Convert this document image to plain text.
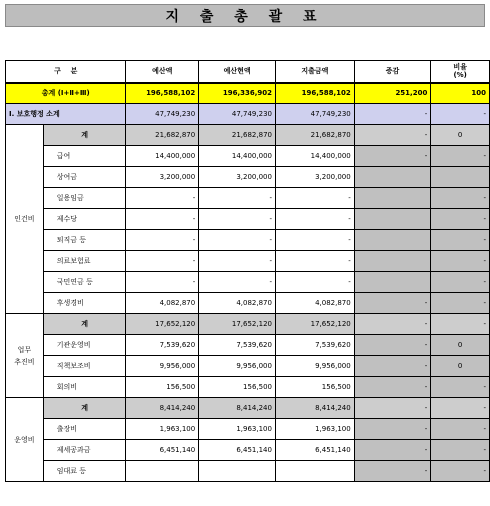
지 출 총 괄 표
구    분		예산액	예산현액	지출금액	증감	비율
(%)
총계 (Ⅰ+Ⅱ+Ⅲ)		196,588,102	196,336,902	196,588,102	251,200	100
Ⅰ. 보호행정 소계		47,749,230	47,749,230	47,749,230	-	-
인건비	계	21,682,870	21,682,870	21,682,870	-	0
	급여	14,400,000	14,400,000	14,400,000	-	-
	상여금	3,200,000	3,200,000	3,200,000		
	일용임금	-	-	-		-
	제수당	-	-	-		-
	퇴직금 등	-	-	-		-
	의료보험료	-	-	-		-
	국민연금 등	-	-	-		-
	후생경비	4,082,870	4,082,870	4,082,870	-	-
업무
추진비	계	17,652,120	17,652,120	17,652,120	-	-
	기관운영비	7,539,620	7,539,620	7,539,620	-	0
	직책보조비	9,956,000	9,956,000	9,956,000	-	0
	회의비	156,500	156,500	156,500	-	-
운영비	계	8,414,240	8,414,240	8,414,240	-	-
	출장비	1,963,100	1,963,100	1,963,100	-	-
	제세공과금	6,451,140	6,451,140	6,451,140	-	-
	임대료 등				-	-
